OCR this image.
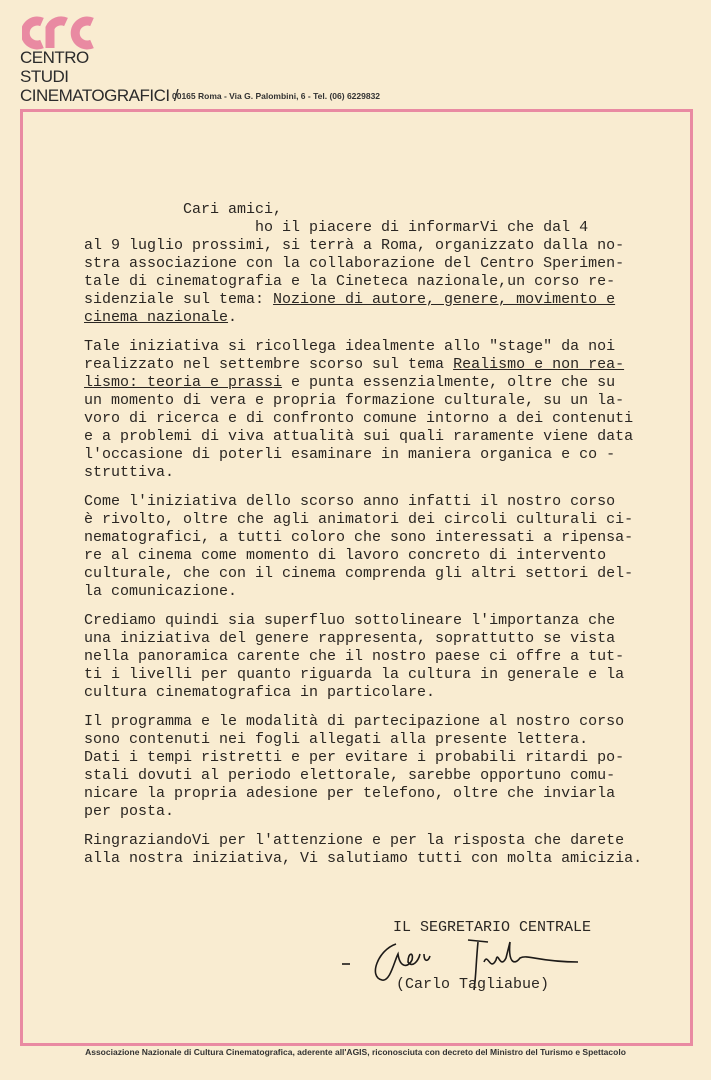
CENTRO
STUDI
CINEMATOGRAFICI /
00165 Roma - Via G. Palombini, 6 - Tel. (06) 6229832
Cari amici,
ho il piacere di informarVi che dal 4
al 9 luglio prossimi, si terrà a Roma, organizzato dalla no-
stra associazione con la collaborazione del Centro Sperimen-
tale di cinematografia e la Cineteca nazionale,un corso re-
sidenziale sul tema: Nozione di autore, genere, movimento e
cinema nazionale.
Tale iniziativa si ricollega idealmente allo "stage" da noi
realizzato nel settembre scorso sul tema Realismo e non rea-
lismo: teoria e prassi e punta essenzialmente, oltre che su
un momento di vera e propria formazione culturale, su un la-
voro di ricerca e di confronto comune intorno a dei contenuti
e a problemi di viva attualità sui quali raramente viene data
l'occasione di poterli esaminare in maniera organica e co -
struttiva.
Come l'iniziativa dello scorso anno infatti il nostro corso
è rivolto, oltre che agli animatori dei circoli culturali ci-
nematografici, a tutti coloro che sono interessati a ripensa-
re al cinema come momento di lavoro concreto di intervento
culturale, che con il cinema comprenda gli altri settori del-
la comunicazione.
Crediamo quindi sia superfluo sottolineare l'importanza che
una iniziativa del genere rappresenta, soprattutto se vista
nella panoramica carente che il nostro paese ci offre a tut-
ti i livelli per quanto riguarda la cultura in generale e la
cultura cinematografica in particolare.
Il programma e le modalità di partecipazione al nostro corso
sono contenuti nei fogli allegati alla presente lettera.
Dati i tempi ristretti e per evitare i probabili ritardi po-
stali dovuti al periodo elettorale, sarebbe opportuno comu-
nicare la propria adesione per telefono, oltre che inviarla
per posta.
RingraziandoVi per l'attenzione e per la risposta che darete
alla nostra iniziativa, Vi salutiamo tutti con molta amicizia.
IL SEGRETARIO CENTRALE
(Carlo Tagliabue)
Associazione Nazionale di Cultura Cinematografica, aderente all'AGIS, riconosciuta con decreto del Ministro del Turismo e Spettacolo
